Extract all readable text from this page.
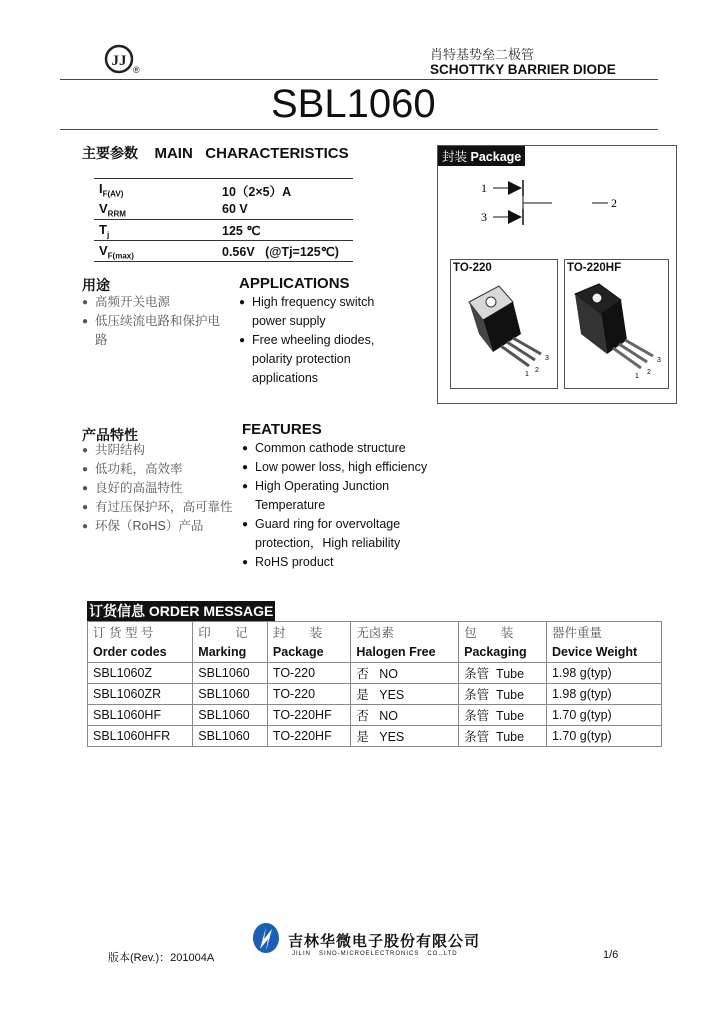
JJ
®
肖特基势垒二极管
SCHOTTKY BARRIER DIODE
SBL1060
主要参数 MAIN   CHARACTERISTICS
$I_{F(AV)}$	10（2×5）A
$V_{RRM}$	60 V
$T_j$	125 ℃
$V_{F(max)}$	0.56V   (@Tj=125℃)
封装 Package
1
3
2
TO-220
1
2
3
TO-220HF
1
2
3
用途
● 高频开关电源
● 低压续流电路和保护电路
APPLICATIONS
● High frequency switch power supply
● Free wheeling diodes, polarity protection applications
产品特性
● 共阴结构
● 低功耗，高效率
● 良好的高温特性
● 有过压保护环，高可靠性
● 环保（RoHS）产品
FEATURES
● Common cathode structure
● Low power loss, high efficiency
● High Operating Junction Temperature
● Guard ring for overvoltage protection，High reliability
● RoHS product
订货信息 ORDER MESSAGE
订 货 型 号	印       记	封       装	无卤素	包       装	器件重量
Order codes	Marking	Package	Halogen Free	Packaging	Device Weight
SBL1060Z	SBL1060	TO-220	否   NO	条管  Tube	1.98 g(typ)
SBL1060ZR	SBL1060	TO-220	是   YES	条管  Tube	1.98 g(typ)
SBL1060HF	SBL1060	TO-220HF	否   NO	条管  Tube	1.70 g(typ)
SBL1060HFR	SBL1060	TO-220HF	是   YES	条管  Tube	1.70 g(typ)
版本(Rev.)：201004A
吉林华微电子股份有限公司
JILIN   SINO-MICROELECTRONICS   CO.,LTD	1/6
